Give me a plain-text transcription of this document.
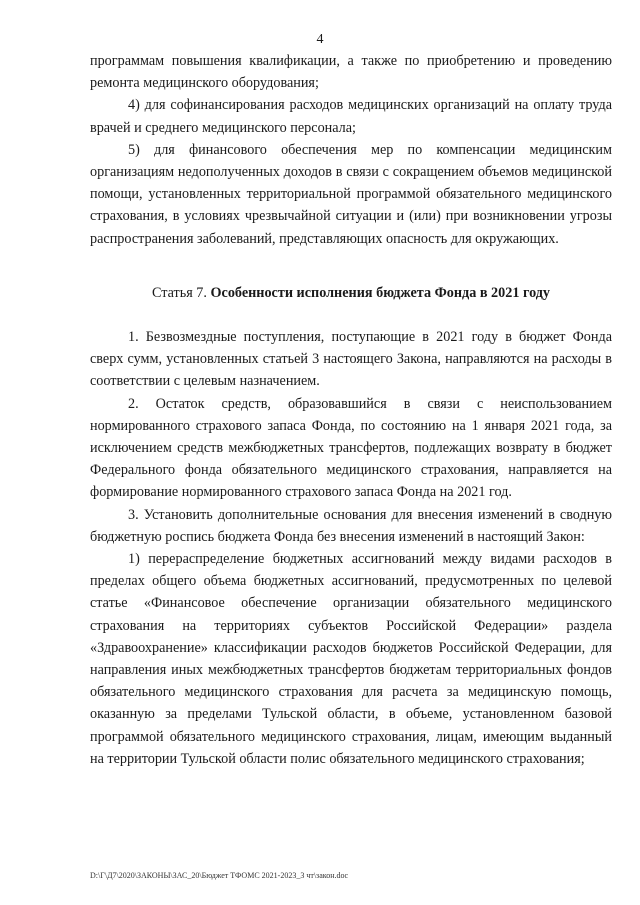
4

программам повышения квалификации, а также по приобретению и проведению ремонта медицинского оборудования;

4) для софинансирования расходов медицинских организаций на оплату труда врачей и среднего медицинского персонала;

5) для финансового обеспечения мер по компенсации медицинским организациям недополученных доходов в связи с сокращением объемов медицинской помощи, установленных территориальной программой обязательного медицинского страхования, в условиях чрезвычайной ситуации и (или) при возникновении угрозы распространения заболеваний, представляющих опасность для окружающих.

Статья 7. Особенности исполнения бюджета Фонда в 2021 году

1. Безвозмездные поступления, поступающие в 2021 году в бюджет Фонда сверх сумм, установленных статьей 3 настоящего Закона, направляются на расходы в соответствии с целевым назначением.

2. Остаток средств, образовавшийся в связи с неиспользованием нормированного страхового запаса Фонда, по состоянию на 1 января 2021 года, за исключением средств межбюджетных трансфертов, подлежащих возврату в бюджет Федерального фонда обязательного медицинского страхования, направляется на формирование нормированного страхового запаса Фонда на 2021 год.

3. Установить дополнительные основания для внесения изменений в сводную бюджетную роспись бюджета Фонда без внесения изменений в настоящий Закон:

1) перераспределение бюджетных ассигнований между видами расходов в пределах общего объема бюджетных ассигнований, предусмотренных по целевой статье «Финансовое обеспечение организации обязательного медицинского страхования на территориях субъектов Российской Федерации» раздела «Здравоохранение» классификации расходов бюджетов Российской Федерации, для направления иных межбюджетных трансфертов бюджетам территориальных фондов обязательного медицинского страхования для расчета за медицинскую помощь, оказанную за пределами Тульской области, в объеме, установленном базовой программой обязательного медицинского страхования, лицам, имеющим выданный на территории Тульской области полис обязательного медицинского страхования;

D:\Г\Д7\2020\ЗАКОНЫ\ЗАС_20\Бюджет ТФОМС 2021-2023_3 чт\закон.doc
